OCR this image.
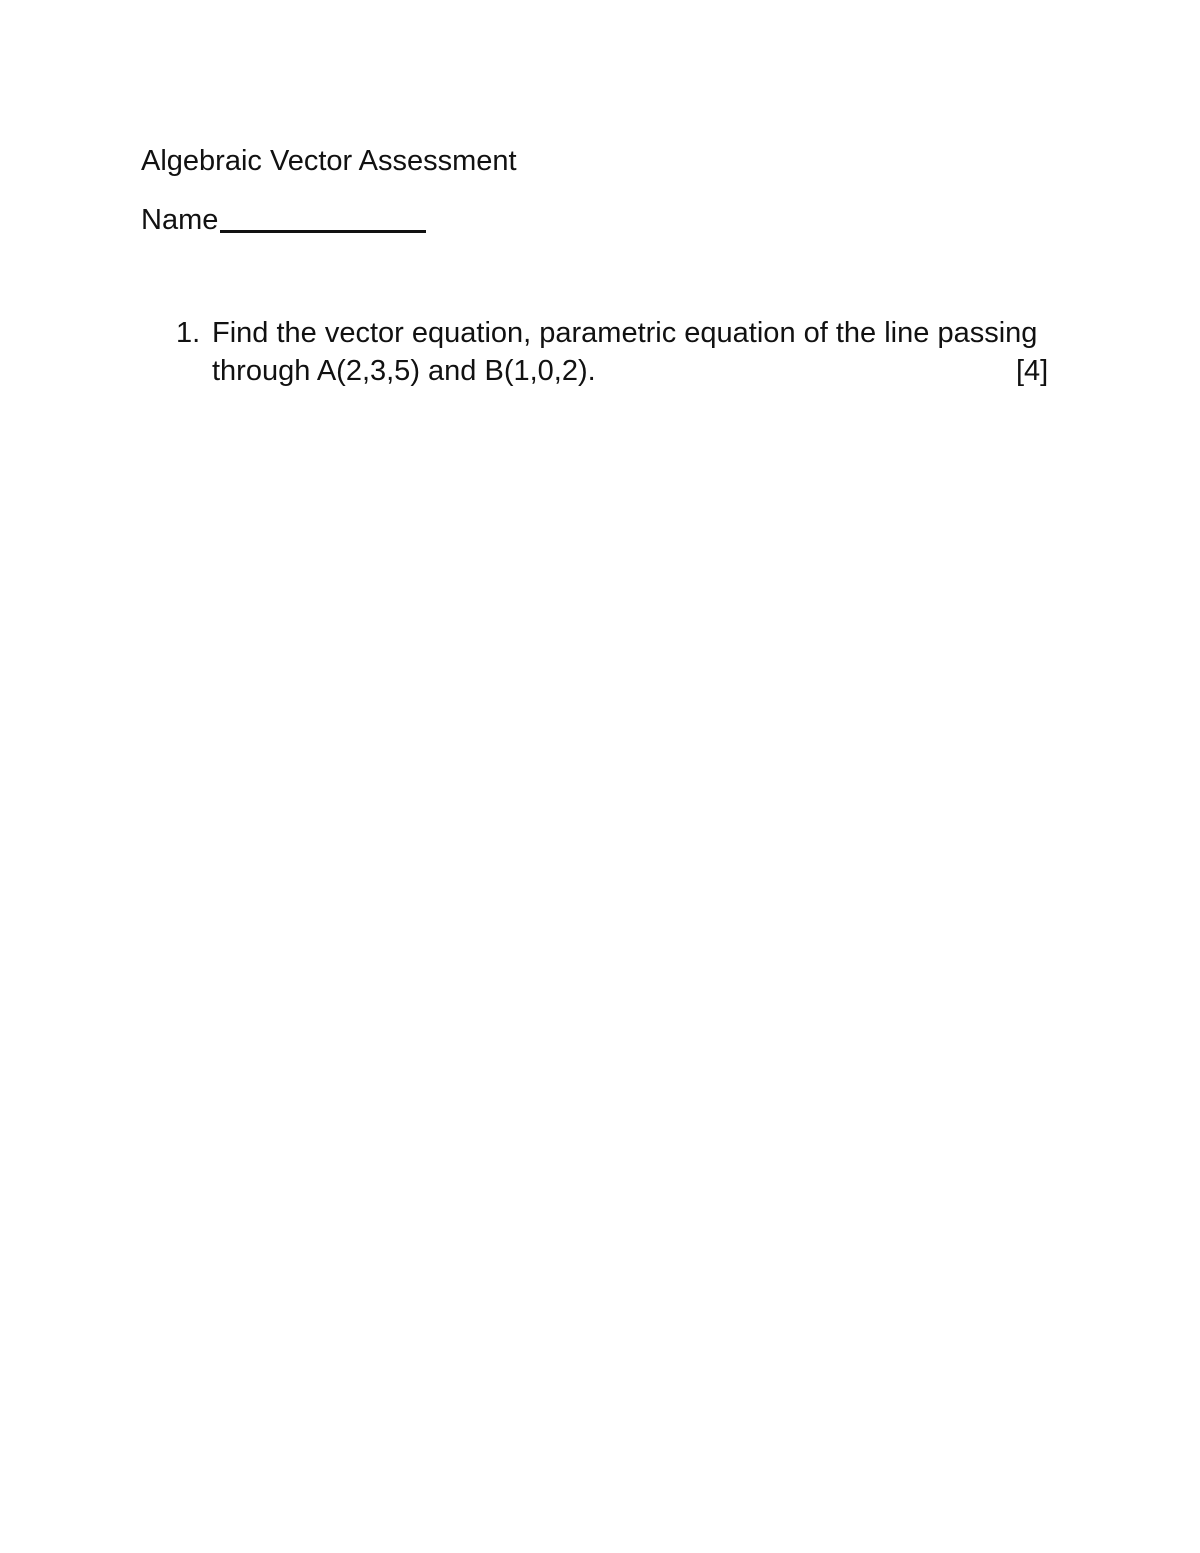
Algebraic Vector Assessment
Name
1. Find the vector equation, parametric equation of the line passing
through A(2,3,5) and B(1,0,2).	[4]
